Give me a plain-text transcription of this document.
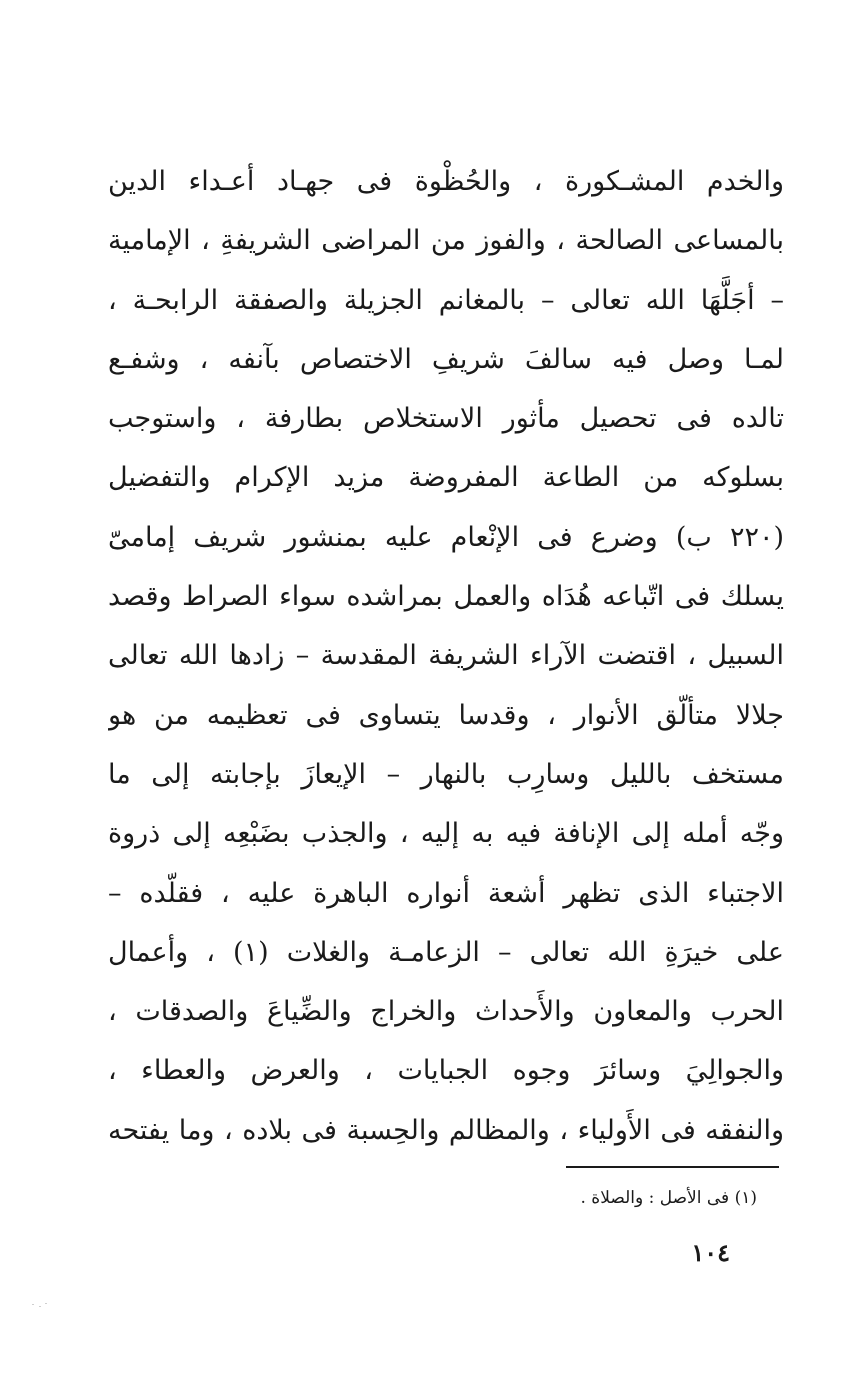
والخدم المشـكورة ، والحُظْوة فى جهـاد أعـداء الدين
بالمساعى الصالحة ، والفوز من المراضى الشريفةِ ، الإمامية
– أجَلَّهَا الله تعالى – بالمغانم الجزيلة والصفقة الرابحـة ،
لمـا وصل فيه سالفَ شريفِ الاختصاص بآنفه ، وشفـع
تالده فى تحصيل مأثور الاستخلاص بطارفة ، واستوجب
بسلوكه من الطاعة المفروضة مزيد الإكرام والتفضيل
(٢٢٠ ب) وضرع فى الإنْعام عليه بمنشور شريف إمامىّ
يسلك فى اتّباعه هُدَاه والعمل بمراشده سواء الصراط وقصد
السبيل ، اقتضت الآراء الشريفة المقدسة – زادها الله تعالى
جلالا متألّق الأنوار ، وقدسا يتساوى فى تعظيمه من هو
مستخف بالليل وسارِب بالنهار – الإيعازَ بإجابته إلى ما
وجّه أمله إلى الإنافة فيه به إليه ، والجذب بضَبْعِه إلى ذروة
الاجتباء الذى تظهر أشعة أنواره الباهرة عليه ، فقلّده –
على خيرَةِ الله تعالى – الزعامـة والغلات (١) ، وأعمال
الحرب والمعاون والأَحداث والخراج والضِّياعَ والصدقات ،
والجوالِيَ وسائرَ وجوه الجبايات ، والعرض والعطاء ،
والنفقه فى الأَولياء ، والمظالم والحِسبة فى بلاده ، وما يفتحه
(١) فى الأصل : والصلاة .
١٠٤
